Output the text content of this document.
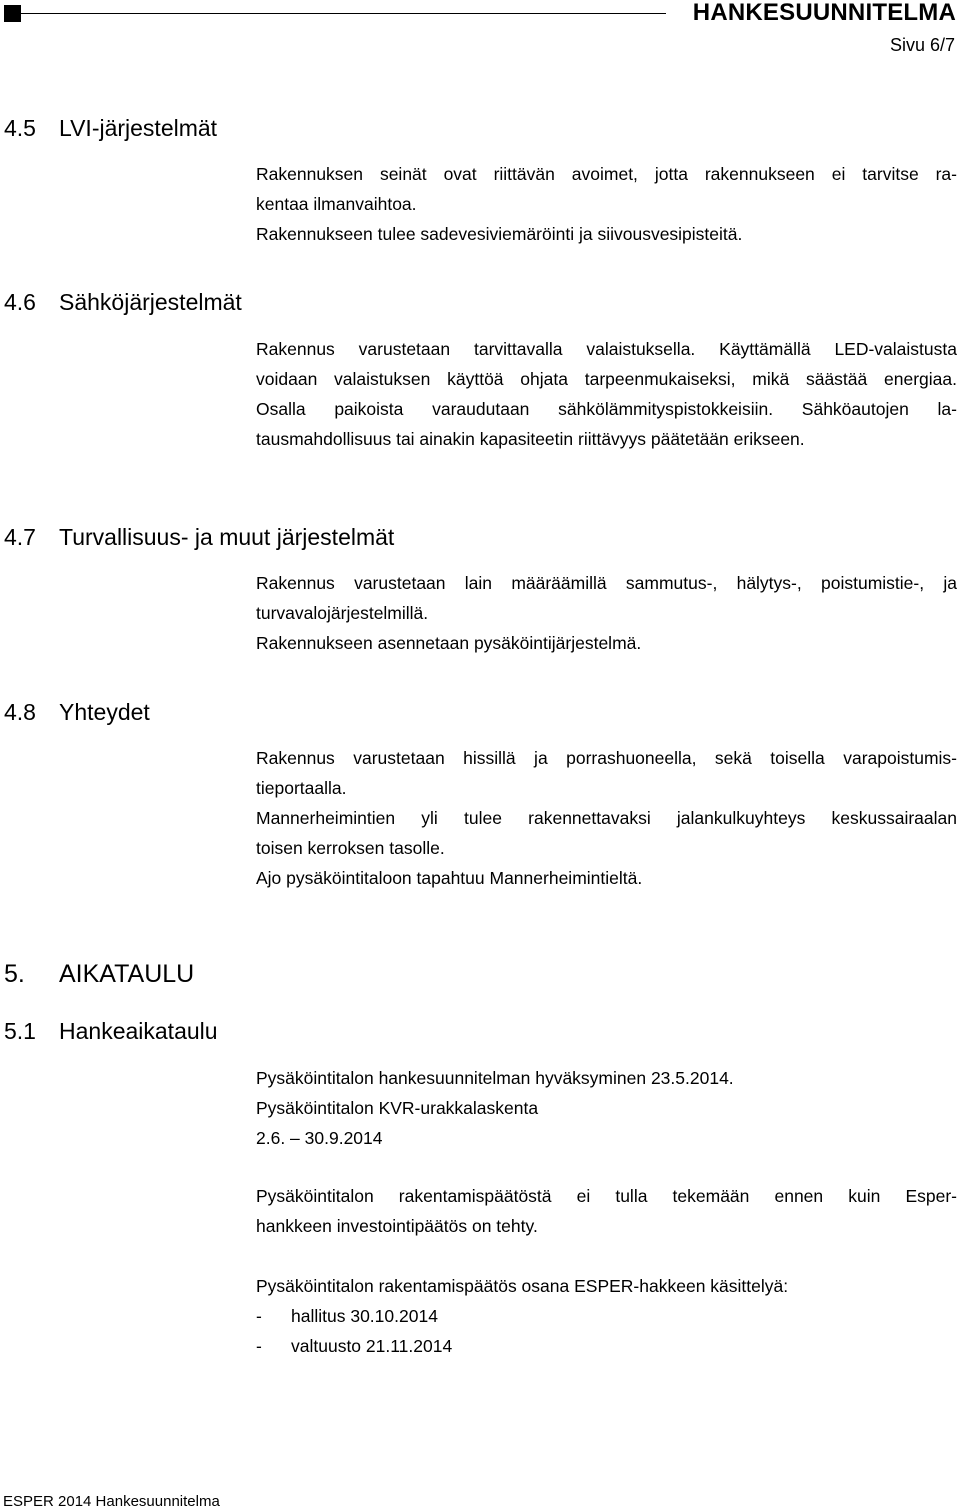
HANKESUUNNITELMA
Sivu 6/7
4.5 LVI-järjestelmät

Rakennuksen seinät ovat riittävän avoimet, jotta rakennukseen ei tarvitse ra-
kentaa ilmanvaihtoa.
Rakennukseen tulee sadevesiviemäröinti ja siivousvesipisteitä.

4.6 Sähköjärjestelmät

Rakennus varustetaan tarvittavalla valaistuksella. Käyttämällä LED-valaistusta
voidaan valaistuksen käyttöä ohjata tarpeenmukaiseksi, mikä säästää energiaa.
Osalla paikoista varaudutaan sähkölämmityspistokkeisiin. Sähköautojen la-
tausmahdollisuus tai ainakin kapasiteetin riittävyys päätetään erikseen.

4.7 Turvallisuus- ja muut järjestelmät

Rakennus varustetaan lain määräämillä sammutus-, hälytys-, poistumistie-, ja
turvavalojärjestelmillä.
Rakennukseen asennetaan pysäköintijärjestelmä.

4.8 Yhteydet

Rakennus varustetaan hissillä ja porrashuoneella, sekä toisella varapoistumis-
tieportaalla.
Mannerheimintien yli tulee rakennettavaksi jalankulkuyhteys keskussairaalan
toisen kerroksen tasolle.
Ajo pysäköintitaloon tapahtuu Mannerheimintieltä.

5. AIKATAULU
5.1 Hankeaikataulu

Pysäköintitalon hankesuunnitelman hyväksyminen 23.5.2014.
Pysäköintitalon KVR-urakkalaskenta
2.6. – 30.9.2014

Pysäköintitalon rakentamispäätöstä ei tulla tekemään ennen kuin Esper-
hankkeen investointipäätös on tehty.

Pysäköintitalon rakentamispäätös osana ESPER-hakkeen käsittelyä:

- hallitus 30.10.2014
- valtuusto 21.11.2014
ESPER 2014 Hankesuunnitelma
